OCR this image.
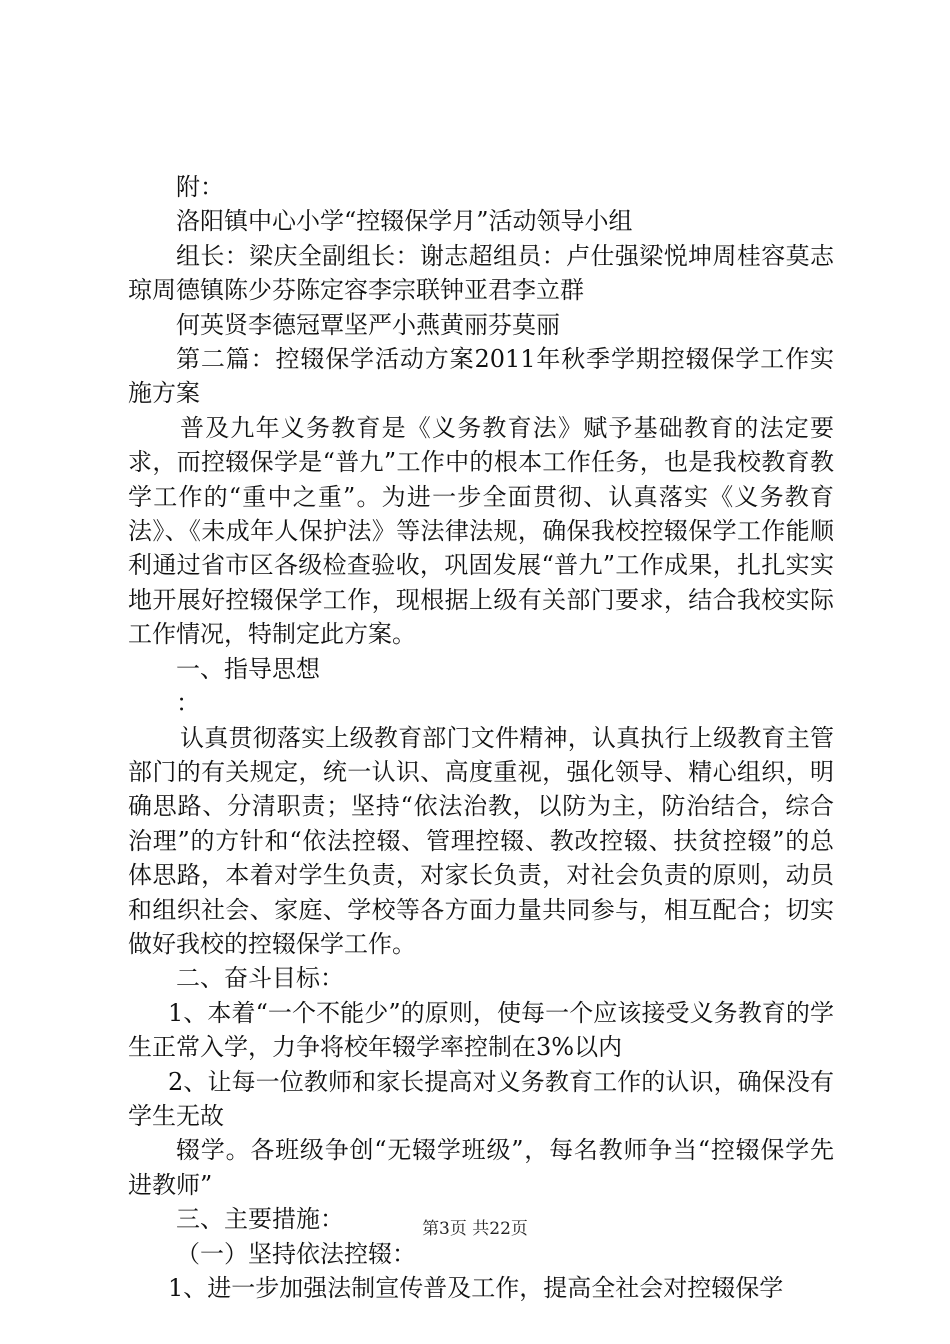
附：

洛阳镇中心小学“控辍保学月”活动领导小组

组长：梁庆全副组长：谢志超组员：卢仕强梁悦坤周桂容莫志琼周德镇陈少芬陈定容李宗联钟亚君李立群

何英贤李德冠覃坚严小燕黄丽芬莫丽

第二篇：控辍保学活动方案2011年秋季学期控辍保学工作实施方案

普及九年义务教育是《义务教育法》赋予基础教育的法定要求，而控辍保学是“普九”工作中的根本工作任务，也是我校教育教学工作的“重中之重”。为进一步全面贯彻、认真落实《义务教育法》、《未成年人保护法》等法律法规，确保我校控辍保学工作能顺利通过省市区各级检查验收，巩固发展“普九”工作成果，扎扎实实地开展好控辍保学工作，现根据上级有关部门要求，结合我校实际工作情况，特制定此方案。

一、指导思想

：

认真贯彻落实上级教育部门文件精神，认真执行上级教育主管部门的有关规定，统一认识、高度重视，强化领导、精心组织，明确思路、分清职责；坚持“依法治教，以防为主，防治结合，综合治理”的方针和“依法控辍、管理控辍、教改控辍、扶贫控辍”的总体思路，本着对学生负责，对家长负责，对社会负责的原则，动员和组织社会、家庭、学校等各方面力量共同参与，相互配合；切实做好我校的控辍保学工作。

二、奋斗目标：

1、本着“一个不能少”的原则，使每一个应该接受义务教育的学生正常入学，力争将校年辍学率控制在3%以内

2、让每一位教师和家长提高对义务教育工作的认识，确保没有学生无故

辍学。各班级争创“无辍学班级”，每名教师争当“控辍保学先进教师”

三、主要措施：

（一）坚持依法控辍：

1、进一步加强法制宣传普及工作，提高全社会对控辍保学

第3页 共22页
